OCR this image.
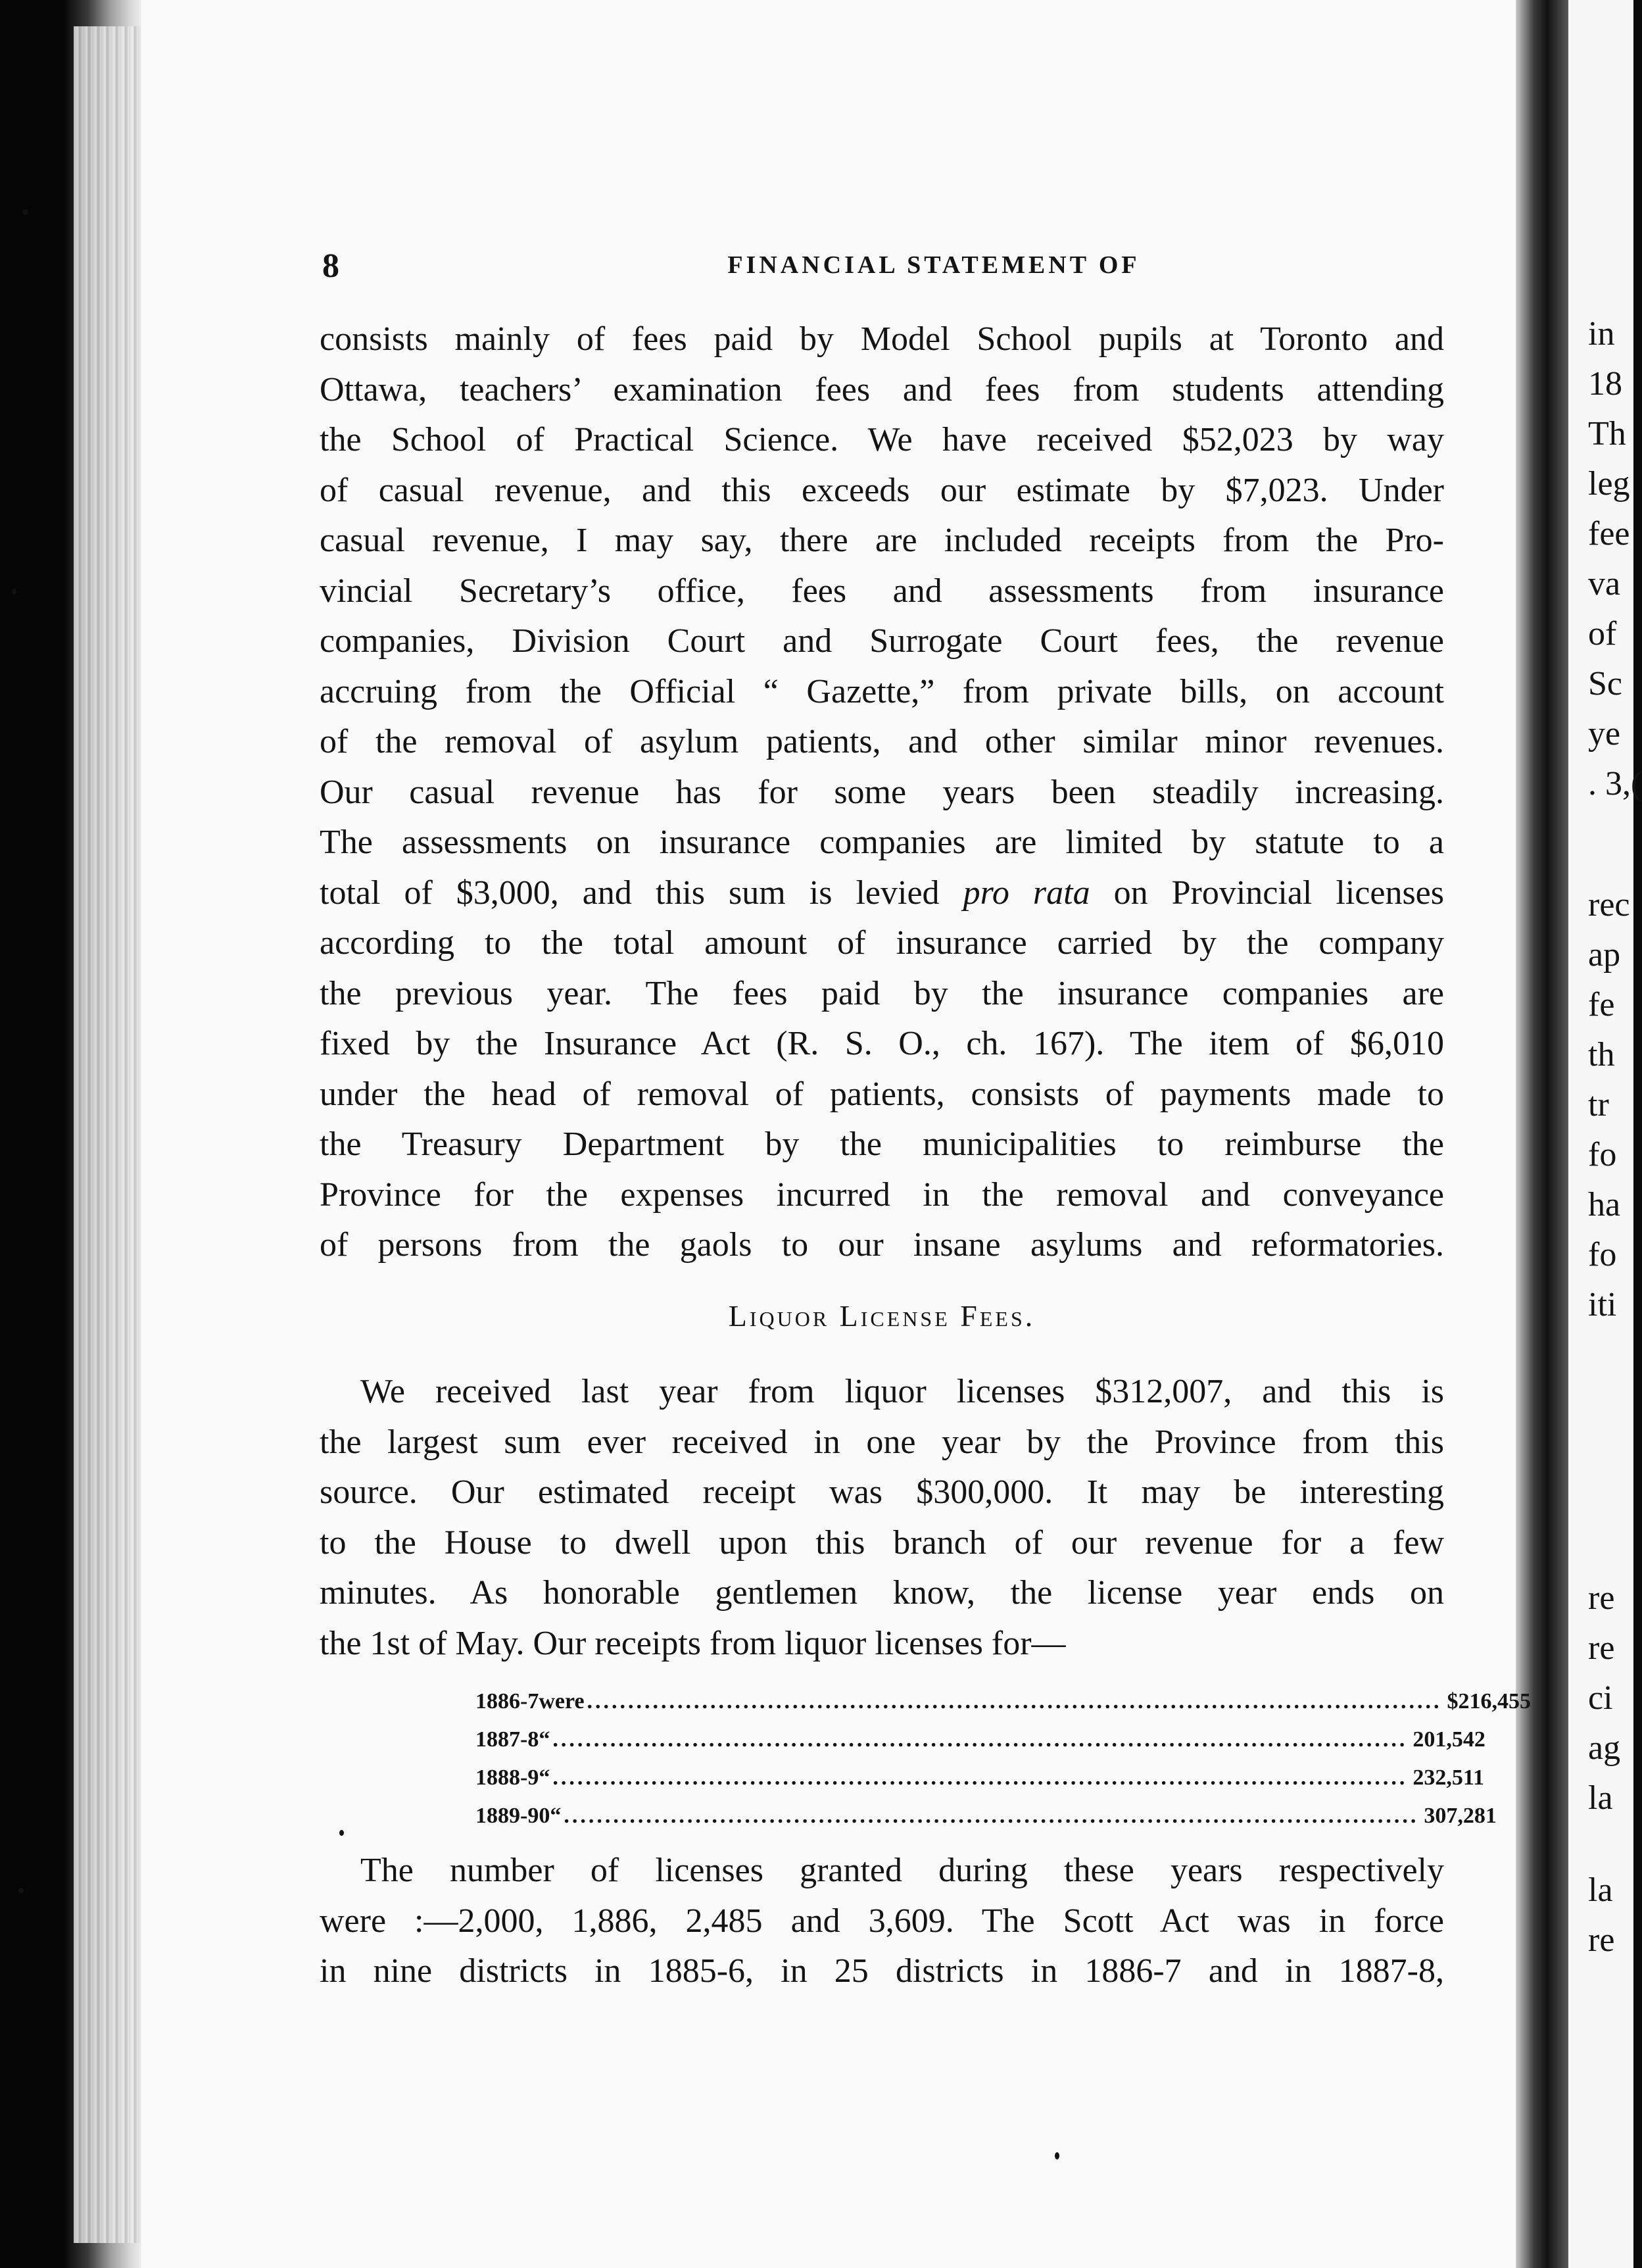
8	FINANCIAL STATEMENT OF
consists mainly of fees paid by Model School pupils at Toronto and
Ottawa, teachers’ examination fees and fees from students attending
the School of Practical Science. We have received $52,023 by way
of casual revenue, and this exceeds our estimate by $7,023. Under
casual revenue, I may say, there are included receipts from the Pro-
vincial Secretary’s office, fees and assessments from insurance
companies, Division Court and Surrogate Court fees, the revenue
accruing from the Official “ Gazette,” from private bills, on account
of the removal of asylum patients, and other similar minor revenues.
Our casual revenue has for some years been steadily increasing.
The assessments on insurance companies are limited by statute to a
total of $3,000, and this sum is levied pro rata on Provincial licenses
according to the total amount of insurance carried by the company
the previous year. The fees paid by the insurance companies are
fixed by the Insurance Act (R. S. O., ch. 167). The item of $6,010
under the head of removal of patients, consists of payments made to
the Treasury Department by the municipalities to reimburse the
Province for the expenses incurred in the removal and conveyance
of persons from the gaols to our insane asylums and reformatories.
Liquor License Fees.
We received last year from liquor licenses $312,007, and this is
the largest sum ever received in one year by the Province from this
source. Our estimated receipt was $300,000. It may be interesting
to the House to dwell upon this branch of our revenue for a few
minutes. As honorable gentlemen know, the license year ends on
the 1st of May. Our receipts from liquor licenses for—
1886-7 were .....	$216,455
1887-8 “ .....	201,542
1888-9 “ .....	232,511
1889-90 “ .....	307,281
The number of licenses granted during these years respectively
were :—2,000, 1,886, 2,485 and 3,609. The Scott Act was in force
in nine districts in 1885-6, in 25 districts in 1886-7 and in 1887-8,
in
18
Th
leg
fee
va
of
Sc
ye
. 3,(
rec
ap
fe
th
tr
fo
ha
fo
iti
re
re
ci
ag
la
la
re
